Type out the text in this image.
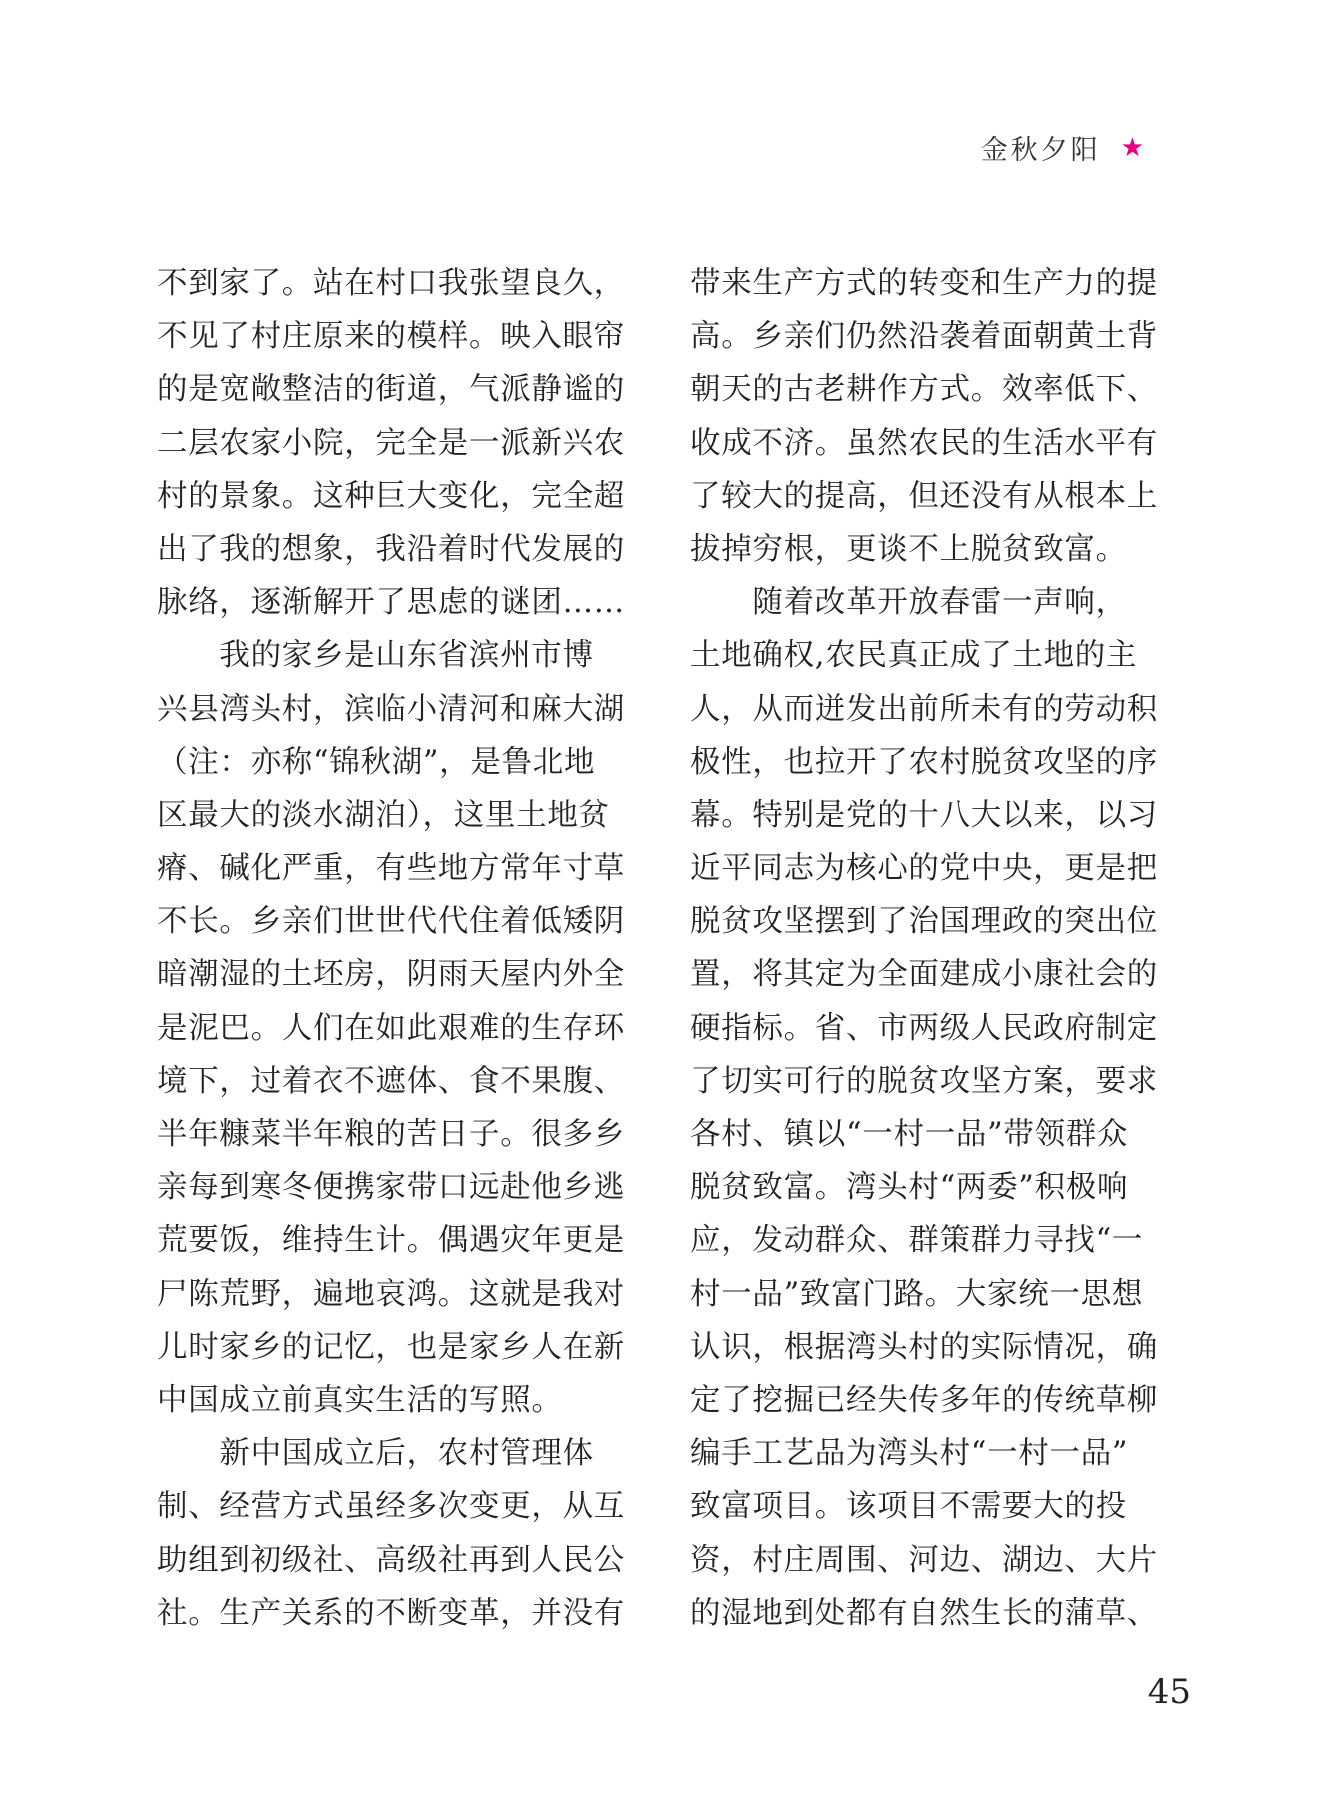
金秋夕阳 ★
不到家了。站在村口我张望良久，
不见了村庄原来的模样。映入眼帘
的是宽敞整洁的街道，气派静谧的
二层农家小院，完全是一派新兴农
村的景象。这种巨大变化，完全超
出了我的想象，我沿着时代发展的
脉络，逐渐解开了思虑的谜团……
　　我的家乡是山东省滨州市博
兴县湾头村，滨临小清河和麻大湖
（注：亦称“锦秋湖”，是鲁北地
区最大的淡水湖泊），这里土地贫
瘠、碱化严重，有些地方常年寸草
不长。乡亲们世世代代住着低矮阴
暗潮湿的土坯房，阴雨天屋内外全
是泥巴。人们在如此艰难的生存环
境下，过着衣不遮体、食不果腹、
半年糠菜半年粮的苦日子。很多乡
亲每到寒冬便携家带口远赴他乡逃
荒要饭，维持生计。偶遇灾年更是
尸陈荒野，遍地哀鸿。这就是我对
儿时家乡的记忆，也是家乡人在新
中国成立前真实生活的写照。
　　新中国成立后，农村管理体
制、经营方式虽经多次变更，从互
助组到初级社、高级社再到人民公
社。生产关系的不断变革，并没有
带来生产方式的转变和生产力的提
高。乡亲们仍然沿袭着面朝黄土背
朝天的古老耕作方式。效率低下、
收成不济。虽然农民的生活水平有
了较大的提高，但还没有从根本上
拔掉穷根，更谈不上脱贫致富。
　　随着改革开放春雷一声响，
土地确权,农民真正成了土地的主
人，从而迸发出前所未有的劳动积
极性，也拉开了农村脱贫攻坚的序
幕。特别是党的十八大以来，以习
近平同志为核心的党中央，更是把
脱贫攻坚摆到了治国理政的突出位
置，将其定为全面建成小康社会的
硬指标。省、市两级人民政府制定
了切实可行的脱贫攻坚方案，要求
各村、镇以“一村一品”带领群众
脱贫致富。湾头村“两委”积极响
应，发动群众、群策群力寻找“一
村一品”致富门路。大家统一思想
认识，根据湾头村的实际情况，确
定了挖掘已经失传多年的传统草柳
编手工艺品为湾头村“一村一品”
致富项目。该项目不需要大的投
资，村庄周围、河边、湖边、大片
的湿地到处都有自然生长的蒲草、
45
